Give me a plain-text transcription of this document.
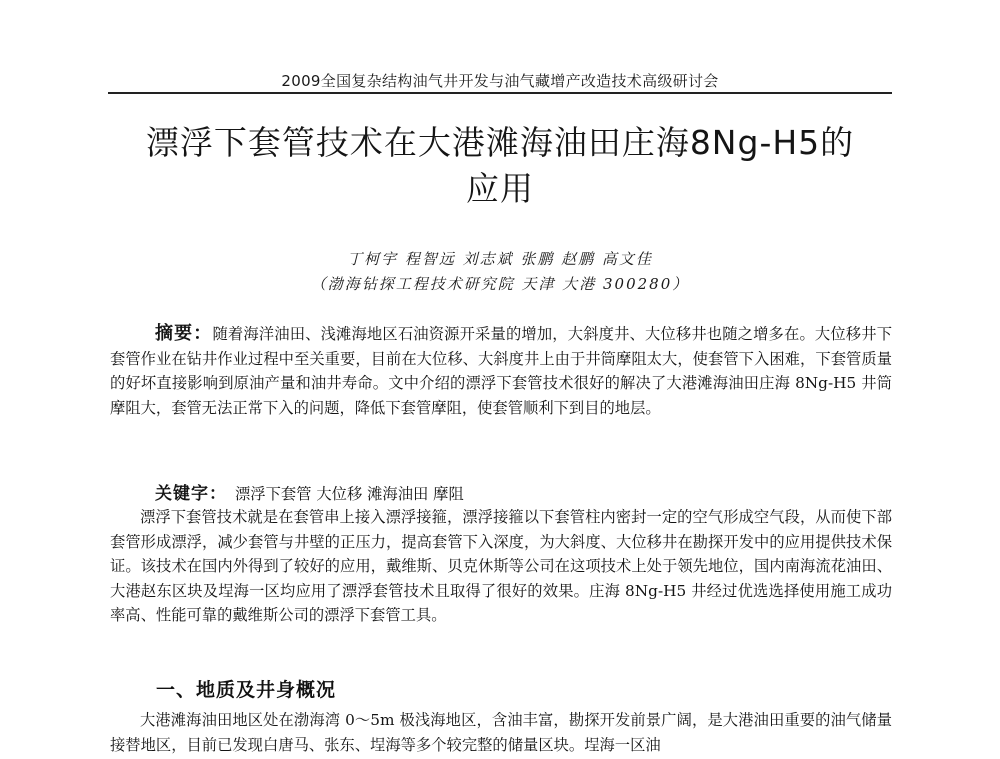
2009全国复杂结构油气井开发与油气藏增产改造技术高级研讨会
漂浮下套管技术在大港滩海油田庄海8Ng-H5的
应用
丁柯宇 程智远 刘志斌 张鹏 赵鹏 高文佳
（渤海钻探工程技术研究院 天津 大港 300280）

摘要：随着海洋油田、浅滩海地区石油资源开采量的增加，大斜度井、大位移井也随之增多在。大位移井下套管作业在钻井作业过程中至关重要，目前在大位移、大斜度井上由于井筒摩阻太大，使套管下入困难，下套管质量的好坏直接影响到原油产量和油井寿命。文中介绍的漂浮下套管技术很好的解决了大港滩海油田庄海 8Ng-H5 井筒摩阻大，套管无法正常下入的问题，降低下套管摩阻，使套管顺利下到目的地层。

关键字： 漂浮下套管 大位移 滩海油田 摩阻

漂浮下套管技术就是在套管串上接入漂浮接箍，漂浮接箍以下套管柱内密封一定的空气形成空气段，从而使下部套管形成漂浮，减少套管与井壁的正压力，提高套管下入深度，为大斜度、大位移井在勘探开发中的应用提供技术保证。该技术在国内外得到了较好的应用，戴维斯、贝克休斯等公司在这项技术上处于领先地位，国内南海流花油田、大港赵东区块及埕海一区均应用了漂浮套管技术且取得了很好的效果。庄海 8Ng-H5 井经过优选选择使用施工成功率高、性能可靠的戴维斯公司的漂浮下套管工具。

一、地质及井身概况

大港滩海油田地区处在渤海湾 0～5m 极浅海地区，含油丰富，勘探开发前景广阔，是大港油田重要的油气储量接替地区，目前已发现白唐马、张东、埕海等多个较完整的储量区块。埕海一区油
